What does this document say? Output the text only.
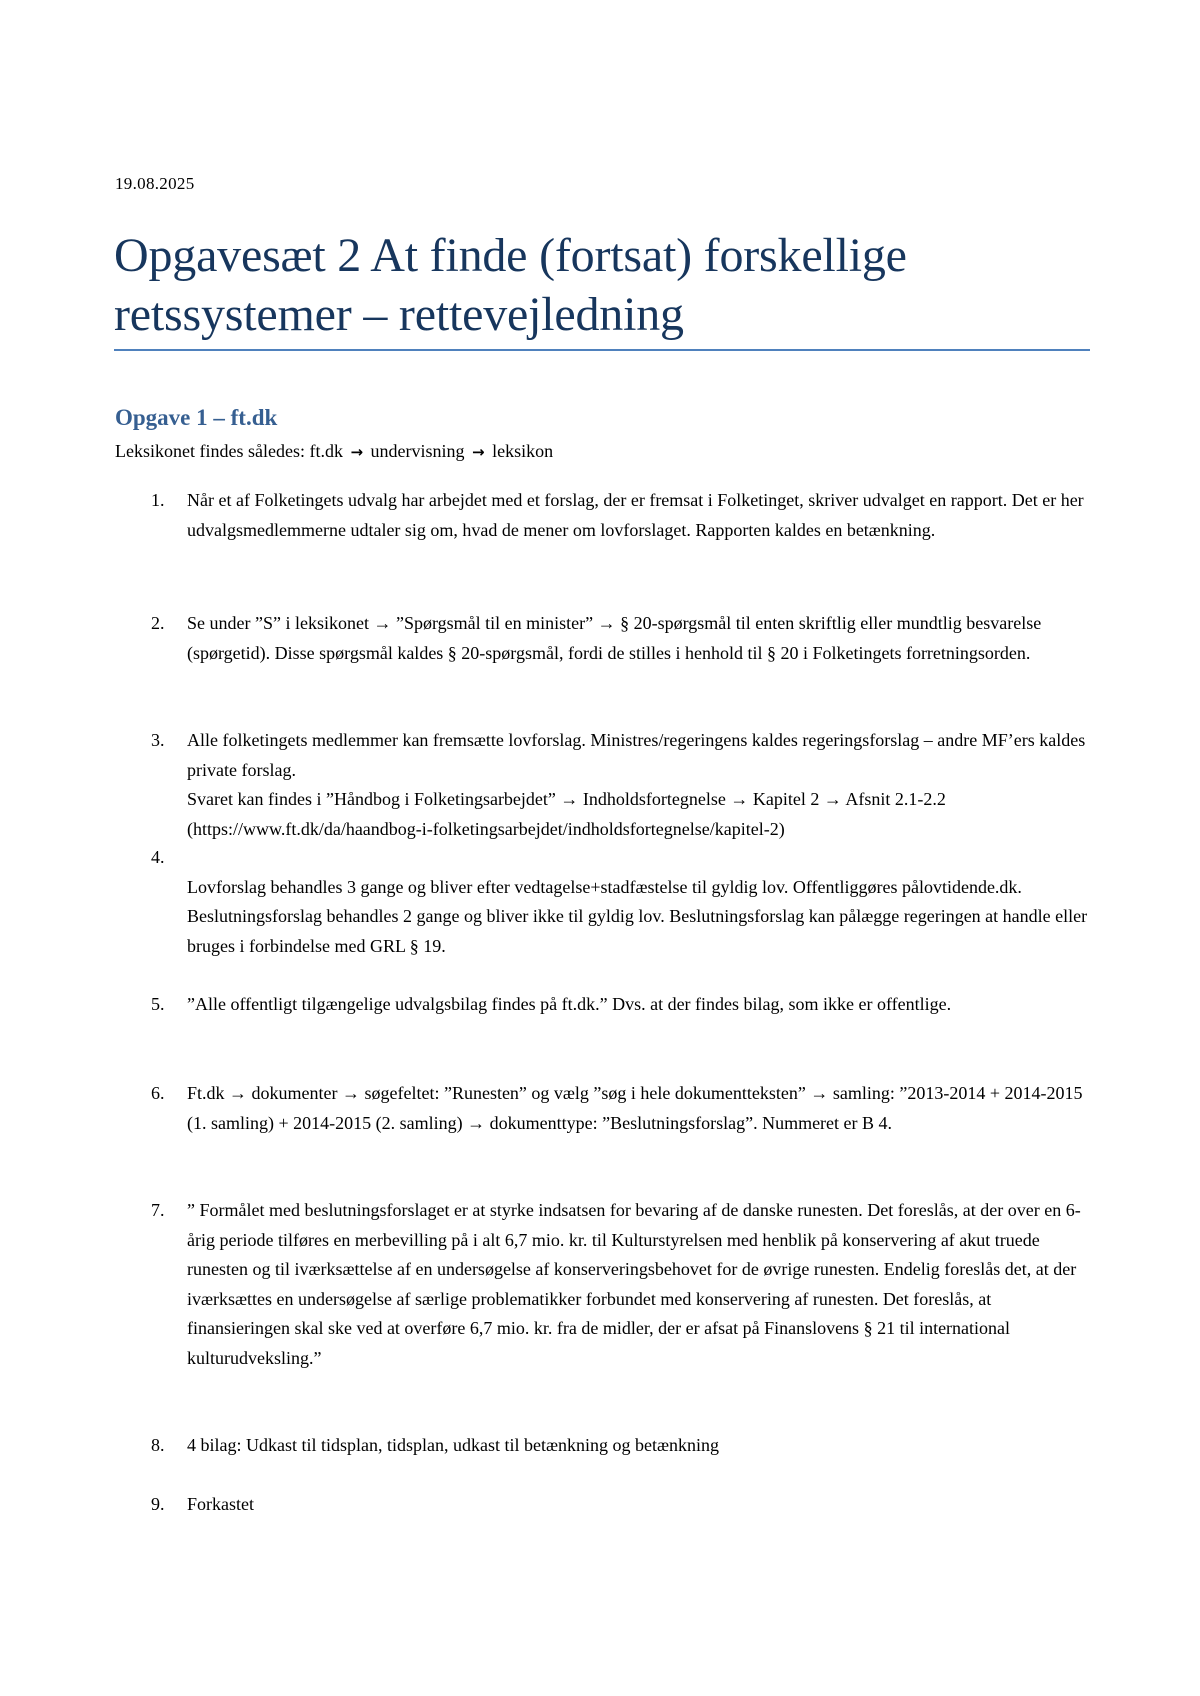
19.08.2025
Opgavesæt 2 At finde (fortsat) forskellige retssystemer – rettevejledning
Opgave 1 – ft.dk
Leksikonet findes således: ft.dk → undervisning → leksikon
1.	Når et af Folketingets udvalg har arbejdet med et forslag, der er fremsat i Folketinget, skriver udvalget en rapport. Det er her udvalgsmedlemmerne udtaler sig om, hvad de mener om lovforslaget. Rapporten kaldes en betænkning.

2.	Se under ”S” i leksikonet → ”Spørgsmål til en minister” → § 20-spørgsmål til enten skriftlig eller mundtlig besvarelse (spørgetid). Disse spørgsmål kaldes § 20-spørgsmål, fordi de stilles i henhold til § 20 i Folketingets forretningsorden.

3.	Alle folketingets medlemmer kan fremsætte lovforslag. Ministres/regeringens kaldes regeringsforslag – andre MF’ers kaldes private forslag.

Svaret kan findes i ”Håndbog i Folketingsarbejdet” → Indholdsfortegnelse → Kapitel 2 → Afsnit 2.1-2.2 (https://www.ft.dk/da/haandbog-i-folketingsarbejdet/indholdsfortegnelse/kapitel-2)

4.

Lovforslag behandles 3 gange og bliver efter vedtagelse+stadfæstelse til gyldig lov. Offentliggøres pålovtidende.dk. Beslutningsforslag behandles 2 gange og bliver ikke til gyldig lov. Beslutningsforslag kan pålægge regeringen at handle eller bruges i forbindelse med GRL § 19.

5.	”Alle offentligt tilgængelige udvalgsbilag findes på ft.dk.” Dvs. at der findes bilag, som ikke er offentlige.

6.	Ft.dk → dokumenter → søgefeltet: ”Runesten” og vælg ”søg i hele dokumentteksten” → samling: ”2013-2014 + 2014-2015 (1. samling) + 2014-2015 (2. samling) → dokumenttype: ”Beslutningsforslag”. Nummeret er B 4.

7.	” Formålet med beslutningsforslaget er at styrke indsatsen for bevaring af de danske runesten. Det foreslås, at der over en 6-årig periode tilføres en merbevilling på i alt 6,7 mio. kr. til Kulturstyrelsen med henblik på konservering af akut truede runesten og til iværksættelse af en undersøgelse af konserveringsbehovet for de øvrige runesten. Endelig foreslås det, at der iværksættes en undersøgelse af særlige problematikker forbundet med konservering af runesten. Det foreslås, at finansieringen skal ske ved at overføre 6,7 mio. kr. fra de midler, der er afsat på Finanslovens § 21 til international kulturudveksling.”

8.	4 bilag: Udkast til tidsplan, tidsplan, udkast til betænkning og betænkning

9.	Forkastet
